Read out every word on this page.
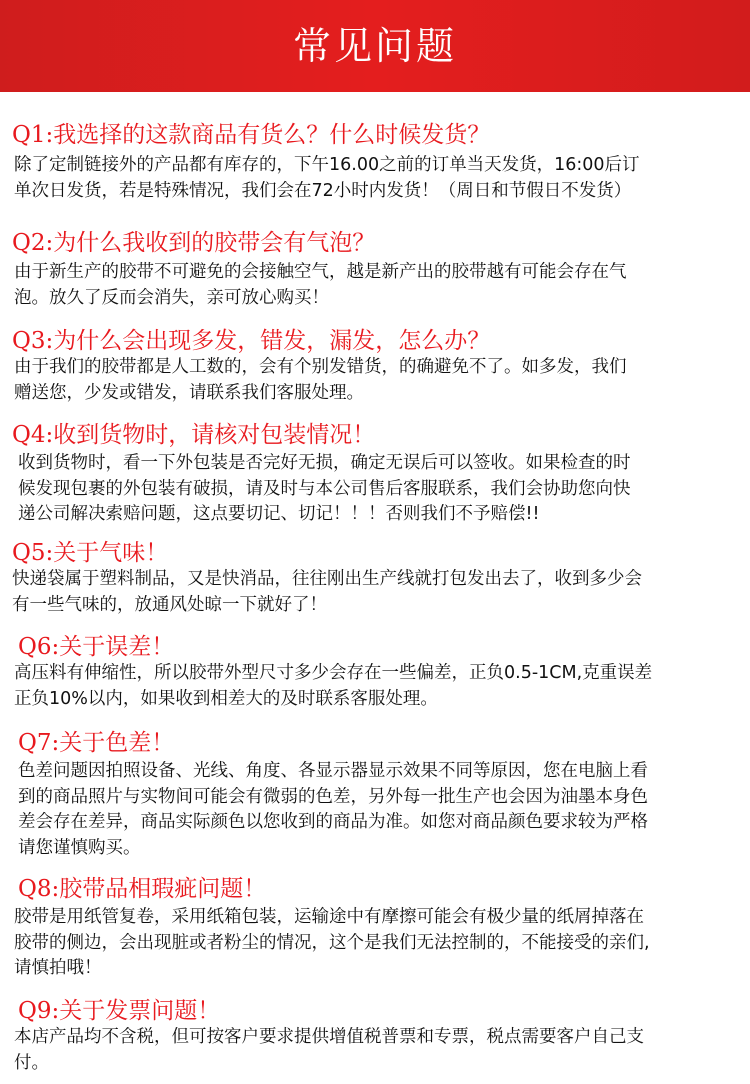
常见问题
Q1:我选择的这款商品有货么？什么时候发货？
除了定制链接外的产品都有库存的，下午16.00之前的订单当天发货，16:00后订
单次日发货，若是特殊情况，我们会在72小时内发货！（周日和节假日不发货）
Q2:为什么我收到的胶带会有气泡？
由于新生产的胶带不可避免的会接触空气，越是新产出的胶带越有可能会存在气
泡。放久了反而会消失，亲可放心购买！
Q3:为什么会出现多发，错发，漏发，怎么办？
由于我们的胶带都是人工数的，会有个别发错货，的确避免不了。如多发，我们
赠送您，少发或错发，请联系我们客服处理。
Q4:收到货物时，请核对包装情况！
收到货物时，看一下外包装是否完好无损，确定无误后可以签收。如果检查的时
候发现包裹的外包装有破损，请及时与本公司售后客服联系，我们会协助您向快
递公司解决索赔问题，这点要切记、切记！！！否则我们不予赔偿!!
Q5:关于气味！
快递袋属于塑料制品，又是快消品，往往刚出生产线就打包发出去了，收到多少会
有一些气味的，放通风处晾一下就好了！
Q6:关于误差！
高压料有伸缩性，所以胶带外型尺寸多少会存在一些偏差，正负0.5-1CM,克重误差
正负10%以内，如果收到相差大的及时联系客服处理。
Q7:关于色差！
色差问题因拍照设备、光线、角度、各显示器显示效果不同等原因，您在电脑上看
到的商品照片与实物间可能会有微弱的色差，另外每一批生产也会因为油墨本身色
差会存在差异，商品实际颜色以您收到的商品为准。如您对商品颜色要求较为严格
请您谨慎购买。
Q8:胶带品相瑕疵问题！
胶带是用纸管复卷，采用纸箱包装，运输途中有摩擦可能会有极少量的纸屑掉落在
胶带的侧边，会出现脏或者粉尘的情况，这个是我们无法控制的，不能接受的亲们,
请慎拍哦！
Q9:关于发票问题！
本店产品均不含税，但可按客户要求提供增值税普票和专票，税点需要客户自己支
付。
